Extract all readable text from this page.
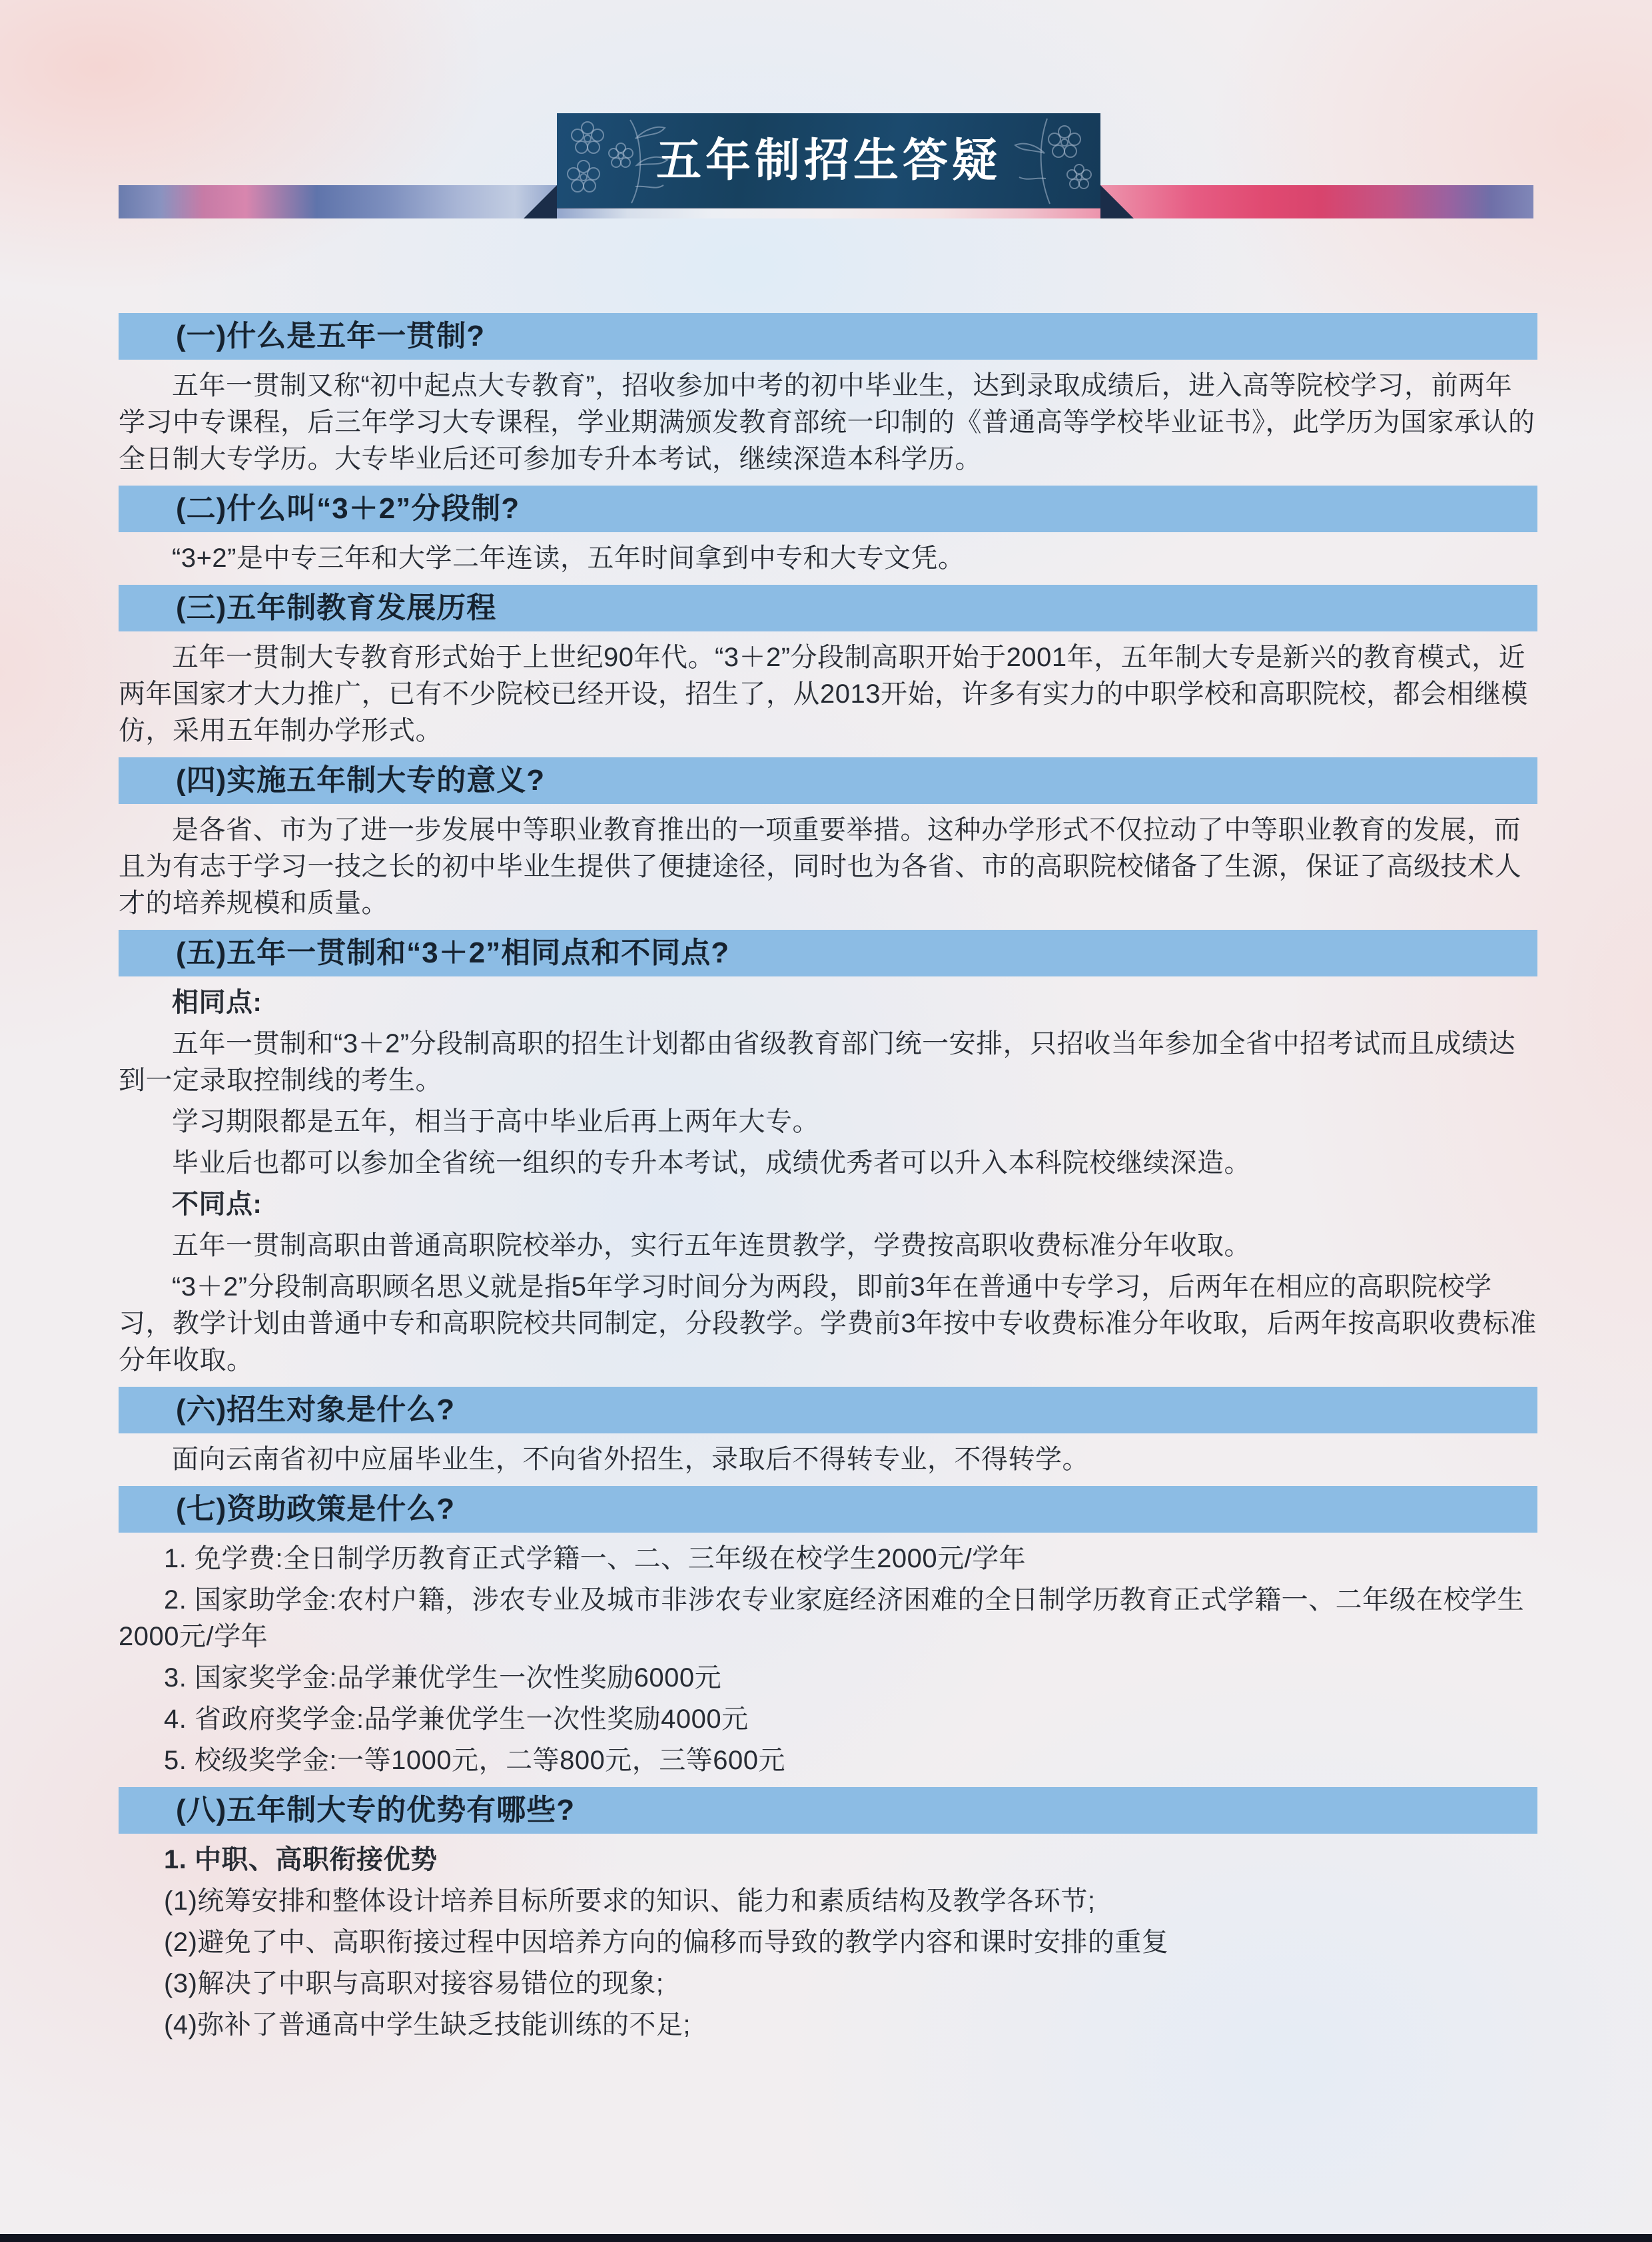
五年制招生答疑
(一)什么是五年一贯制?

五年一贯制又称“初中起点大专教育”，招收参加中考的初中毕业生，达到录取成绩后，进入高等院校学习，前两年学习中专课程，后三年学习大专课程，学业期满颁发教育部统一印制的《普通高等学校毕业证书》，此学历为国家承认的全日制大专学历。大专毕业后还可参加专升本考试，继续深造本科学历。

(二)什么叫“3＋2”分段制?

“3+2”是中专三年和大学二年连读，五年时间拿到中专和大专文凭。

(三)五年制教育发展历程

五年一贯制大专教育形式始于上世纪90年代。“3＋2”分段制高职开始于2001年，五年制大专是新兴的教育模式，近两年国家才大力推广，已有不少院校已经开设，招生了，从2013开始，许多有实力的中职学校和高职院校，都会相继模仿，采用五年制办学形式。

(四)实施五年制大专的意义?

是各省、市为了进一步发展中等职业教育推出的一项重要举措。这种办学形式不仅拉动了中等职业教育的发展，而且为有志于学习一技之长的初中毕业生提供了便捷途径，同时也为各省、市的高职院校储备了生源，保证了高级技术人才的培养规模和质量。

(五)五年一贯制和“3＋2”相同点和不同点?

相同点:

五年一贯制和“3＋2”分段制高职的招生计划都由省级教育部门统一安排，只招收当年参加全省中招考试而且成绩达到一定录取控制线的考生。

学习期限都是五年，相当于高中毕业后再上两年大专。

毕业后也都可以参加全省统一组织的专升本考试，成绩优秀者可以升入本科院校继续深造。

不同点:

五年一贯制高职由普通高职院校举办，实行五年连贯教学，学费按高职收费标准分年收取。

“3＋2”分段制高职顾名思义就是指5年学习时间分为两段，即前3年在普通中专学习，后两年在相应的高职院校学习，教学计划由普通中专和高职院校共同制定，分段教学。学费前3年按中专收费标准分年收取，后两年按高职收费标准分年收取。

(六)招生对象是什么?

面向云南省初中应届毕业生，不向省外招生，录取后不得转专业，不得转学。

(七)资助政策是什么?

1. 免学费:全日制学历教育正式学籍一、二、三年级在校学生2000元/学年

2. 国家助学金:农村户籍，涉农专业及城市非涉农专业家庭经济困难的全日制学历教育正式学籍一、二年级在校学生2000元/学年

3. 国家奖学金:品学兼优学生一次性奖励6000元

4. 省政府奖学金:品学兼优学生一次性奖励4000元

5. 校级奖学金:一等1000元，二等800元，三等600元

(八)五年制大专的优势有哪些?

1. 中职、高职衔接优势

(1)统筹安排和整体设计培养目标所要求的知识、能力和素质结构及教学各环节;

(2)避免了中、高职衔接过程中因培养方向的偏移而导致的教学内容和课时安排的重复

(3)解决了中职与高职对接容易错位的现象;

(4)弥补了普通高中学生缺乏技能训练的不足;
